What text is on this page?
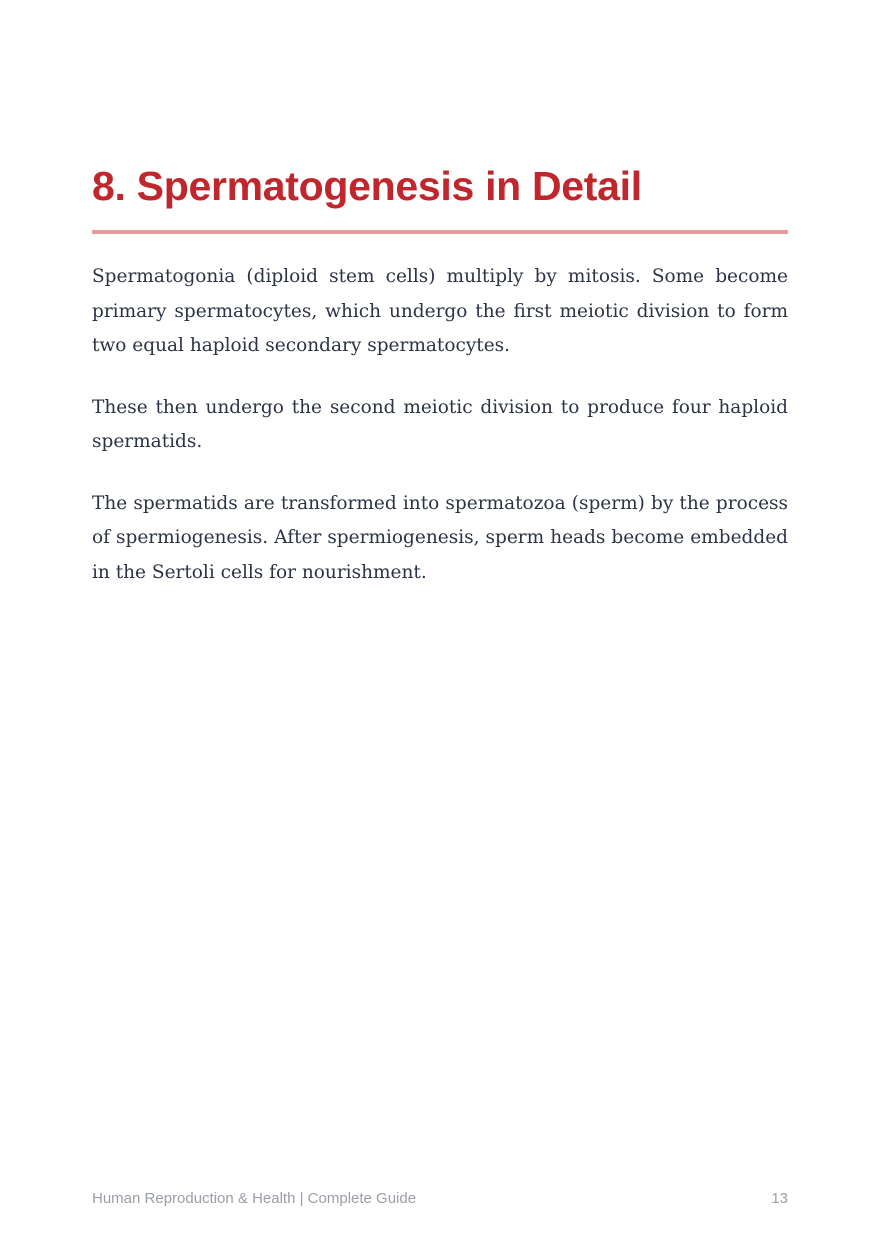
8. Spermatogenesis in Detail

Spermatogonia (diploid stem cells) multiply by mitosis. Some become primary spermatocytes, which undergo the first meiotic division to form two equal haploid secondary spermatocytes.

These then undergo the second meiotic division to produce four haploid spermatids.

The spermatids are transformed into spermatozoa (sperm) by the process of spermiogenesis. After spermiogenesis, sperm heads become embedded in the Sertoli cells for nourishment.

Human Reproduction & Health | Complete Guide	13
